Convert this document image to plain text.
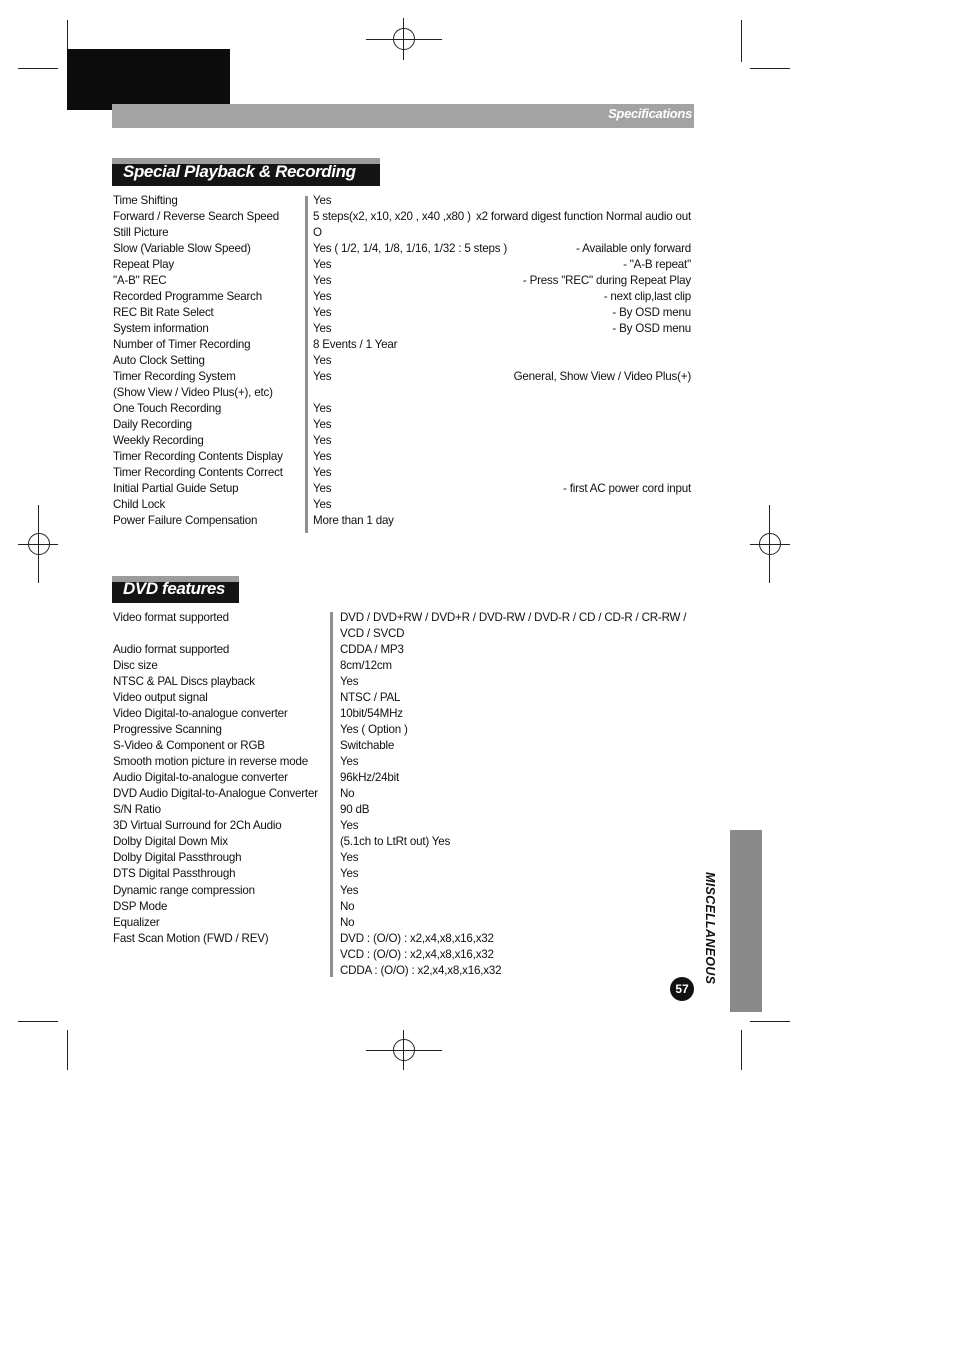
Specifications
Special Playback & Recording
Time Shifting	Yes
Forward / Reverse Search Speed	5 steps(x2, x10, x20 , x40 ,x80 ) x2 forward digest function Normal audio out
Still Picture	O
Slow (Variable Slow Speed)	Yes ( 1/2, 1/4, 1/8, 1/16, 1/32 : 5 steps )	- Available only forward
Repeat Play	Yes	- "A-B repeat"
"A-B" REC	Yes	- Press "REC" during Repeat Play
Recorded Programme Search	Yes	- next clip,last clip
REC Bit Rate Select	Yes	- By OSD menu
System information	Yes	- By OSD menu
Number of Timer Recording	8 Events / 1 Year
Auto Clock Setting	Yes
Timer Recording System	Yes	General, Show View / Video Plus(+)
(Show View / Video Plus(+), etc)
One Touch Recording	Yes
Daily Recording	Yes
Weekly Recording	Yes
Timer Recording Contents Display	Yes
Timer Recording Contents Correct	Yes
Initial Partial Guide Setup	Yes	- first AC power cord input
Child Lock	Yes
Power Failure Compensation	More than 1 day
DVD features
Video format supported	DVD / DVD+RW / DVD+R / DVD-RW / DVD-R / CD / CD-R / CR-RW /
VCD / SVCD
Audio format supported	CDDA / MP3
Disc size	8cm/12cm
NTSC & PAL Discs playback	Yes
Video output signal	NTSC / PAL
Video Digital-to-analogue converter	10bit/54MHz
Progressive Scanning	Yes ( Option )
S-Video & Component or RGB	Switchable
Smooth motion picture in reverse mode	Yes
Audio Digital-to-analogue converter	96kHz/24bit
DVD Audio Digital-to-Analogue Converter No
S/N Ratio	90 dB
3D Virtual Surround for 2Ch Audio	Yes
Dolby Digital Down Mix	(5.1ch to LtRt out) Yes
Dolby Digital Passthrough	Yes
DTS Digital Passthrough	Yes
Dynamic range compression	Yes
DSP Mode	No
Equalizer	No
Fast Scan Motion (FWD / REV)	DVD : (O/O) : x2,x4,x8,x16,x32
VCD : (O/O) : x2,x4,x8,x16,x32
CDDA : (O/O) : x2,x4,x8,x16,x32	MISCELLANEOUS
57
